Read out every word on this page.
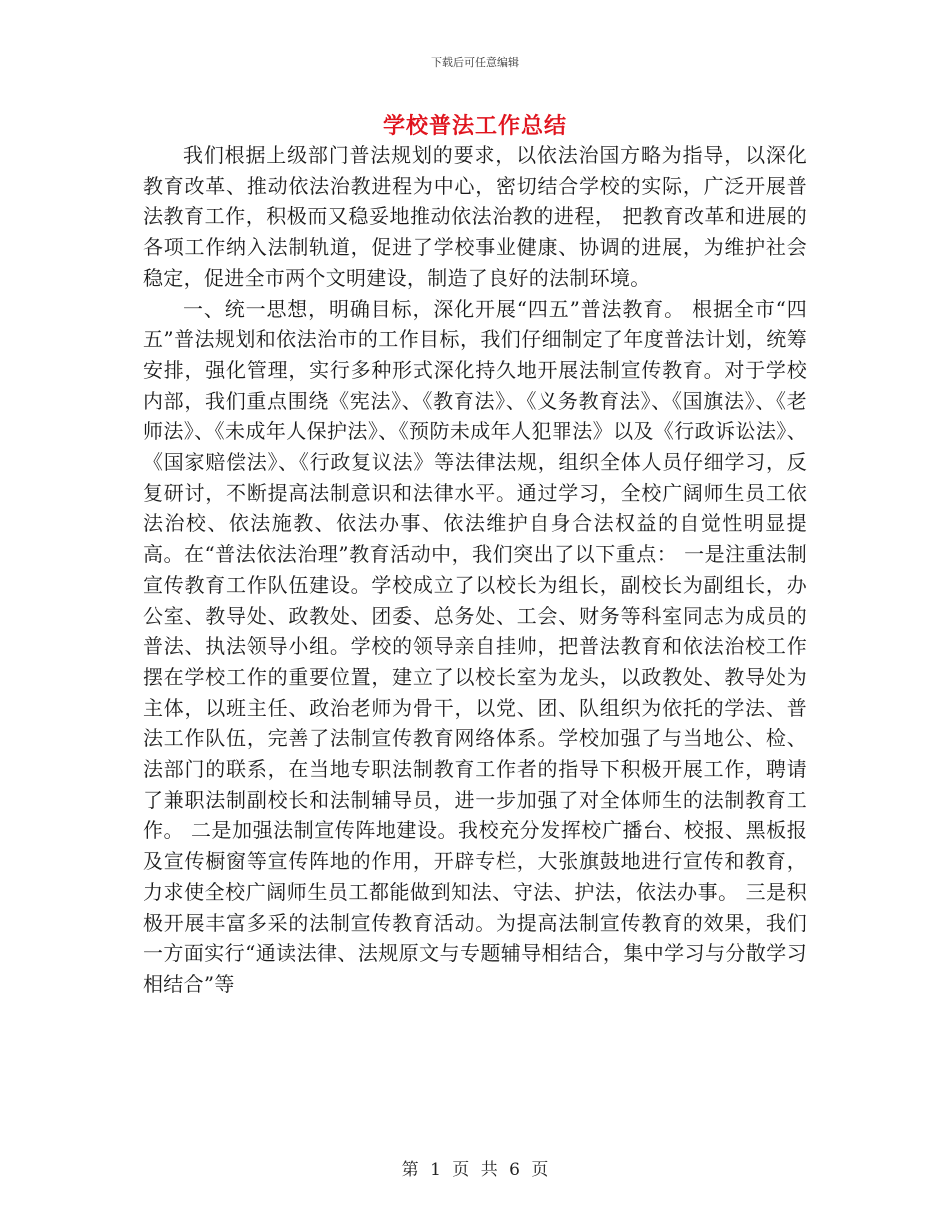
下载后可任意编辑
学校普法工作总结

我们根据上级部门普法规划的要求，以依法治国方略为指导，以深化教育改革、推动依法治教进程为中心，密切结合学校的实际，广泛开展普法教育工作，积极而又稳妥地推动依法治教的进程， 把教育改革和进展的各项工作纳入法制轨道，促进了学校事业健康、协调的进展，为维护社会稳定，促进全市两个文明建设，制造了良好的法制环境。

一、统一思想，明确目标，深化开展“四五”普法教育。 根据全市“四五”普法规划和依法治市的工作目标，我们仔细制定了年度普法计划，统筹安排，强化管理，实行多种形式深化持久地开展法制宣传教育。对于学校内部，我们重点围绕《宪法》、《教育法》、《义务教育法》、《国旗法》、《老师法》、《未成年人保护法》、《预防未成年人犯罪法》以及《行政诉讼法》、《国家赔偿法》、《行政复议法》等法律法规，组织全体人员仔细学习，反复研讨，不断提高法制意识和法律水平。通过学习，全校广阔师生员工依法治校、依法施教、依法办事、依法维护自身合法权益的自觉性明显提高。在“普法依法治理”教育活动中，我们突出了以下重点： 一是注重法制宣传教育工作队伍建设。学校成立了以校长为组长，副校长为副组长，办公室、教导处、政教处、团委、总务处、工会、财务等科室同志为成员的普法、执法领导小组。学校的领导亲自挂帅，把普法教育和依法治校工作摆在学校工作的重要位置，建立了以校长室为龙头，以政教处、教导处为主体，以班主任、政治老师为骨干，以党、团、队组织为依托的学法、普法工作队伍，完善了法制宣传教育网络体系。学校加强了与当地公、检、法部门的联系，在当地专职法制教育工作者的指导下积极开展工作，聘请了兼职法制副校长和法制辅导员，进一步加强了对全体师生的法制教育工作。 二是加强法制宣传阵地建设。我校充分发挥校广播台、校报、黑板报及宣传橱窗等宣传阵地的作用，开辟专栏，大张旗鼓地进行宣传和教育，力求使全校广阔师生员工都能做到知法、守法、护法，依法办事。 三是积极开展丰富多采的法制宣传教育活动。为提高法制宣传教育的效果，我们一方面实行“通读法律、法规原文与专题辅导相结合，集中学习与分散学习相结合”等

第 1 页 共 6 页
